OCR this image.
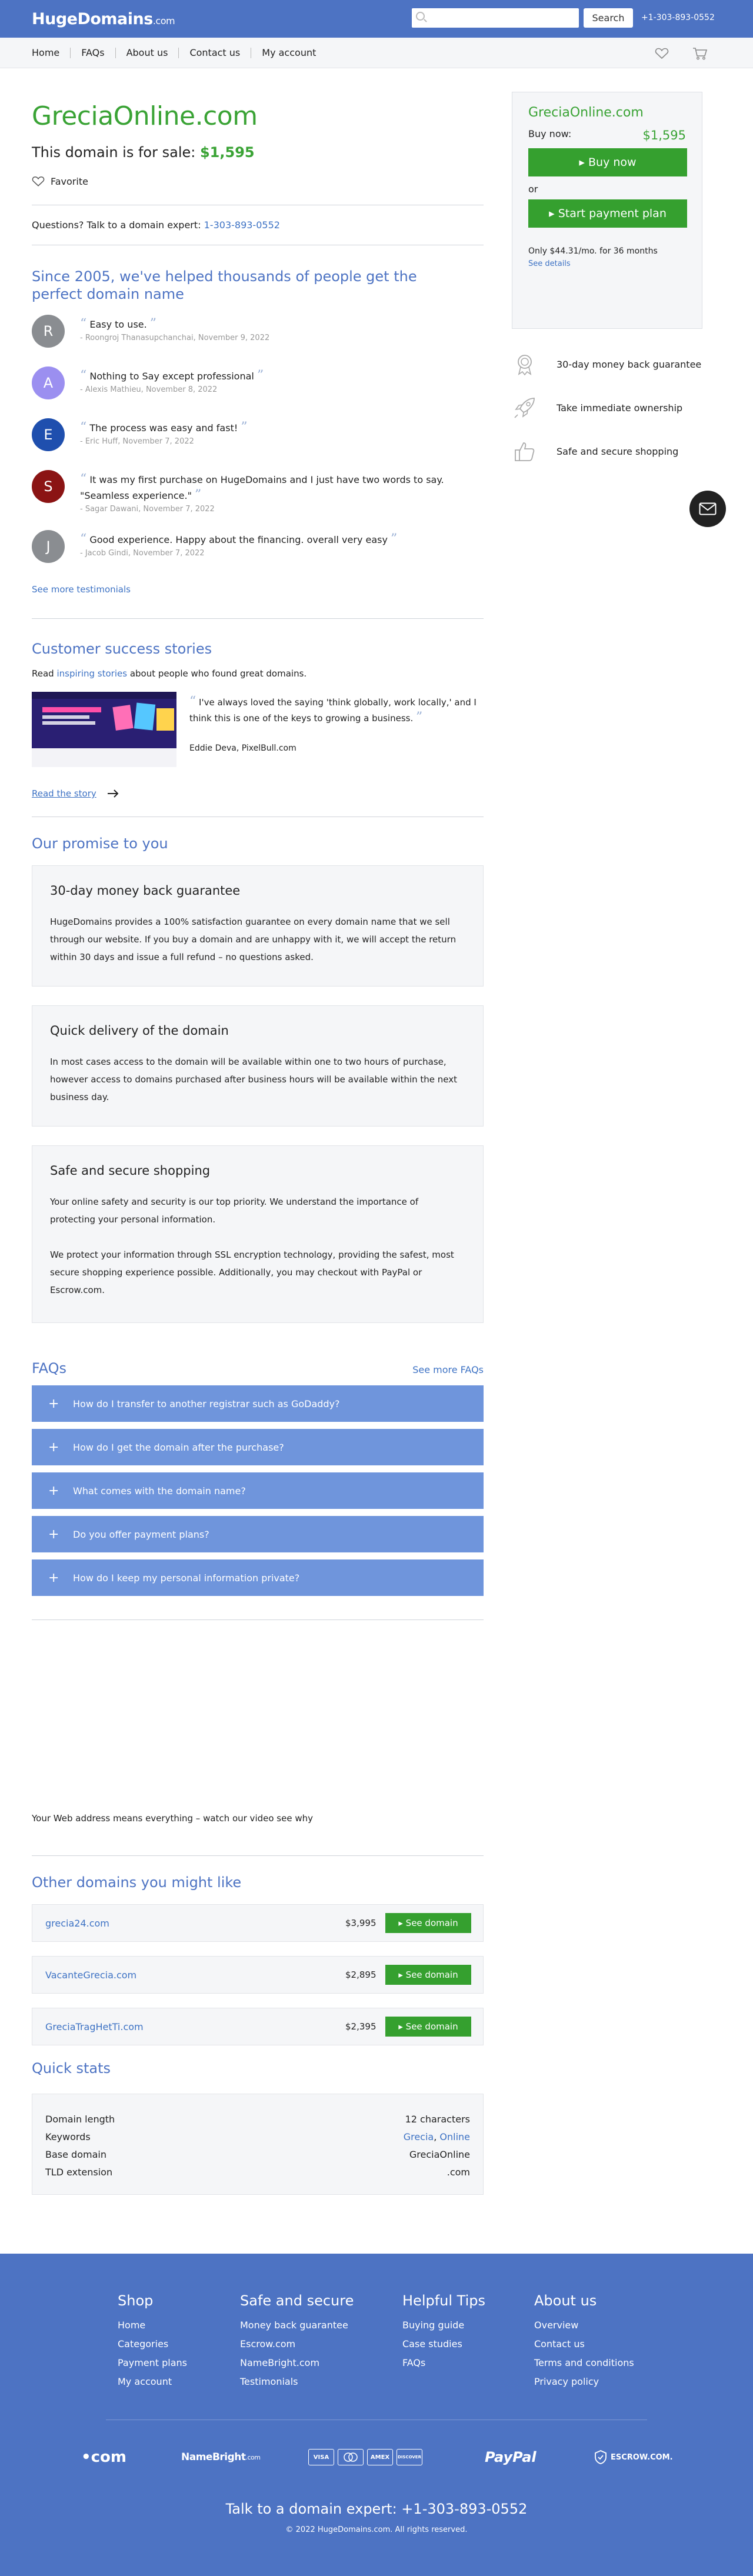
HugeDomains.com	Search	+1-303-893-0552
Home	FAQs	About us	Contact us	My account
GreciaOnline.com
This domain is for sale: $1,595
Favorite
Questions? Talk to a domain expert: 1-303-893-0552
Since 2005, we've helped thousands of people get the perfect domain name
R	“ Easy to use. ”
- Roongroj Thanasupchanchai, November 9, 2022
A	“ Nothing to Say except professional ”
- Alexis Mathieu, November 8, 2022
E	“ The process was easy and fast! ”
- Eric Huff, November 7, 2022
S	“ It was my first purchase on HugeDomains and I just have two words to say. "Seamless experience." ”
- Sagar Dawani, November 7, 2022
J	“ Good experience. Happy about the financing. overall very easy ”
- Jacob Gindi, November 7, 2022
See more testimonials
Customer success stories
Read inspiring stories about people who found great domains.
“ I've always loved the saying 'think globally, work locally,' and I think this is one of the keys to growing a business. ”
Eddie Deva, PixelBull.com
Read the story
Our promise to you
30-day money back guarantee

HugeDomains provides a 100% satisfaction guarantee on every domain name that we sell through our website. If you buy a domain and are unhappy with it, we will accept the return within 30 days and issue a full refund – no questions asked.

Quick delivery of the domain

In most cases access to the domain will be available within one to two hours of purchase, however access to domains purchased after business hours will be available within the next business day.

Safe and secure shopping

Your online safety and security is our top priority. We understand the importance of protecting your personal information.

We protect your information through SSL encryption technology, providing the safest, most secure shopping experience possible. Additionally, you may checkout with PayPal or Escrow.com.

FAQs	See more FAQs
+ How do I transfer to another registrar such as GoDaddy?
+ How do I get the domain after the purchase?
+ What comes with the domain name?
+ Do you offer payment plans?
+ How do I keep my personal information private?
Your Web address means everything – watch our video see why
Other domains you might like
grecia24.com	$3,995	▸ See domain
VacanteGrecia.com	$2,895	▸ See domain
GreciaTragHetTi.com	$2,395	▸ See domain
Quick stats
Domain length	12 characters
Keywords	Grecia, Online
Base domain	GreciaOnline
TLD extension	.com
GreciaOnline.com
Buy now:	$1,595
▸ Buy now
or
▸ Start payment plan
Only $44.31/mo. for 36 months
See details
30-day money back guarantee
Take immediate ownership
Safe and secure shopping
Shop
Home
Categories
Payment plans
My account
Safe and secure
Money back guarantee
Escrow.com
NameBright.com
Testimonials
Helpful Tips
Buying guide
Case studies
FAQs
About us
Overview
Contact us
Terms and conditions
Privacy policy
•com	NameBright .com	VISA	AMEX	DISCOVER	PayPal	ESCROW.COM.
Talk to a domain expert: +1-303-893-0552
© 2022 HugeDomains.com. All rights reserved.
